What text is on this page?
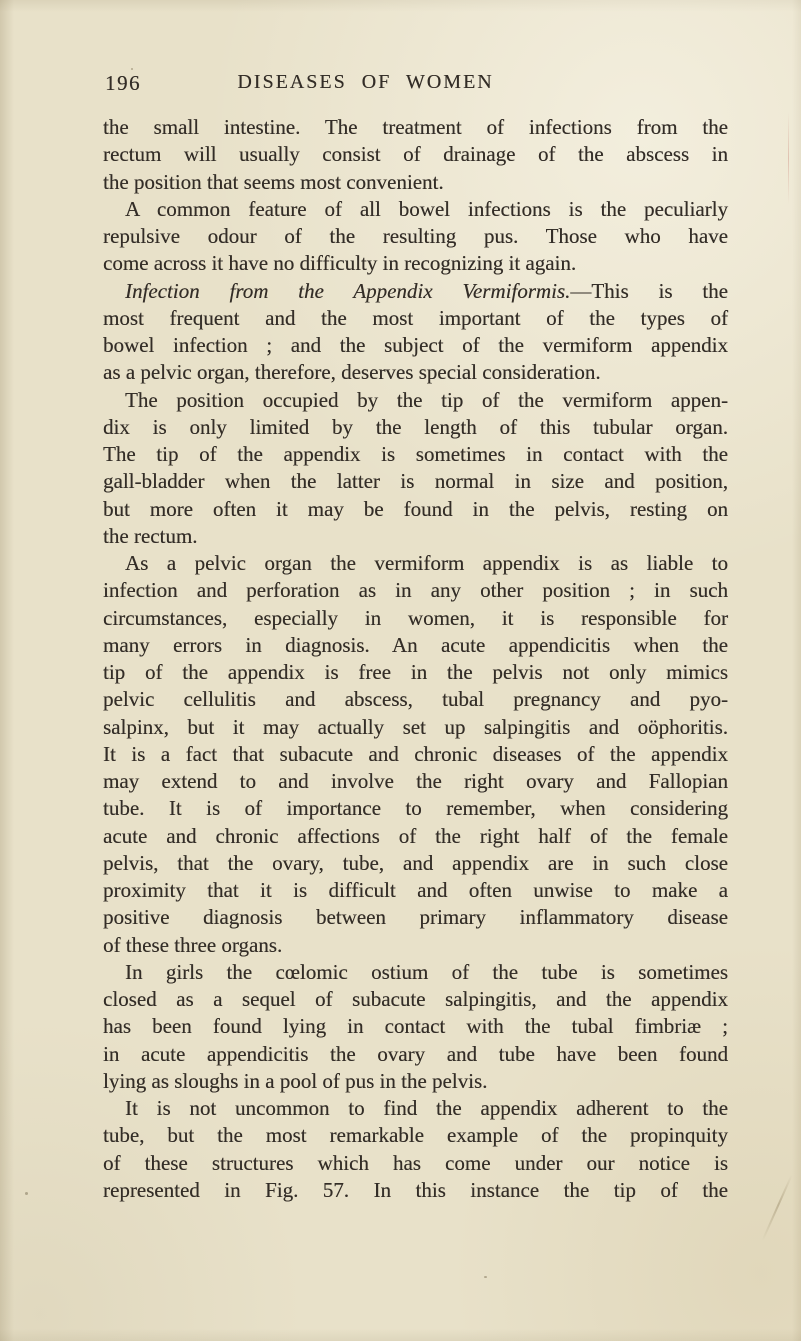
196	DISEASES OF WOMEN
the small intestine. The treatment of infections from the
rectum will usually consist of drainage of the abscess in
the position that seems most convenient.
A common feature of all bowel infections is the peculiarly
repulsive odour of the resulting pus. Those who have
come across it have no difficulty in recognizing it again.
Infection from the Appendix Vermiformis.—This is the
most frequent and the most important of the types of
bowel infection ; and the subject of the vermiform appendix
as a pelvic organ, therefore, deserves special consideration.
The position occupied by the tip of the vermiform appen-
dix is only limited by the length of this tubular organ.
The tip of the appendix is sometimes in contact with the
gall-bladder when the latter is normal in size and position,
but more often it may be found in the pelvis, resting on
the rectum.
As a pelvic organ the vermiform appendix is as liable to
infection and perforation as in any other position ; in such
circumstances, especially in women, it is responsible for
many errors in diagnosis. An acute appendicitis when the
tip of the appendix is free in the pelvis not only mimics
pelvic cellulitis and abscess, tubal pregnancy and pyo-
salpinx, but it may actually set up salpingitis and oöphoritis.
It is a fact that subacute and chronic diseases of the appendix
may extend to and involve the right ovary and Fallopian
tube. It is of importance to remember, when considering
acute and chronic affections of the right half of the female
pelvis, that the ovary, tube, and appendix are in such close
proximity that it is difficult and often unwise to make a
positive diagnosis between primary inflammatory disease
of these three organs.
In girls the cœlomic ostium of the tube is sometimes
closed as a sequel of subacute salpingitis, and the appendix
has been found lying in contact with the tubal fimbriæ ;
in acute appendicitis the ovary and tube have been found
lying as sloughs in a pool of pus in the pelvis.
It is not uncommon to find the appendix adherent to the
tube, but the most remarkable example of the propinquity
of these structures which has come under our notice is
represented in Fig. 57. In this instance the tip of the
